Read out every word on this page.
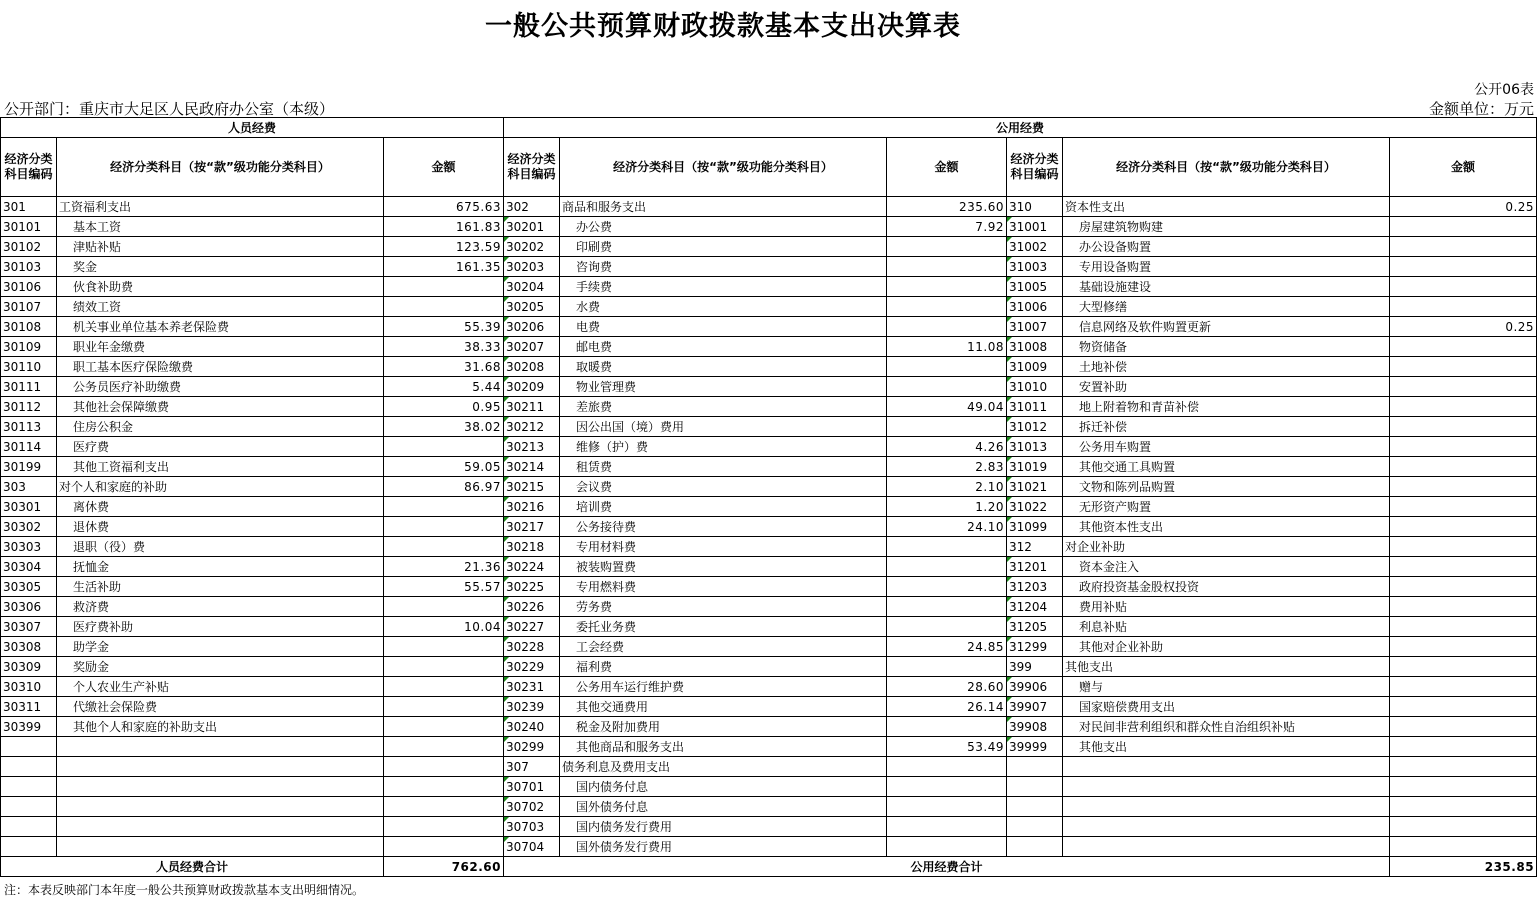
一般公共预算财政拨款基本支出决算表
公开06表
公开部门：重庆市大足区人民政府办公室（本级）	金额单位：万元
人员经费			公用经费					
经济分类科目编码	经济分类科目（按“款”级功能分类科目）	金额	经济分类科目编码	经济分类科目（按“款”级功能分类科目）	金额	经济分类科目编码	经济分类科目（按“款”级功能分类科目）	金额
301	工资福利支出	675.63	302	商品和服务支出	235.60	310	资本性支出	0.25
30101	基本工资	161.83	30201	办公费	7.92	31001	房屋建筑物购建	
30102	津贴补贴	123.59	30202	印刷费		31002	办公设备购置	
30103	奖金	161.35	30203	咨询费		31003	专用设备购置	
30106	伙食补助费		30204	手续费		31005	基础设施建设	
30107	绩效工资		30205	水费		31006	大型修缮	
30108	机关事业单位基本养老保险费	55.39	30206	电费		31007	信息网络及软件购置更新	0.25
30109	职业年金缴费	38.33	30207	邮电费	11.08	31008	物资储备	
30110	职工基本医疗保险缴费	31.68	30208	取暖费		31009	土地补偿	
30111	公务员医疗补助缴费	5.44	30209	物业管理费		31010	安置补助	
30112	其他社会保障缴费	0.95	30211	差旅费	49.04	31011	地上附着物和青苗补偿	
30113	住房公积金	38.02	30212	因公出国（境）费用		31012	拆迁补偿	
30114	医疗费		30213	维修（护）费	4.26	31013	公务用车购置	
30199	其他工资福利支出	59.05	30214	租赁费	2.83	31019	其他交通工具购置	
303	对个人和家庭的补助	86.97	30215	会议费	2.10	31021	文物和陈列品购置	
30301	离休费		30216	培训费	1.20	31022	无形资产购置	
30302	退休费		30217	公务接待费	24.10	31099	其他资本性支出	
30303	退职（役）费		30218	专用材料费		312	对企业补助	
30304	抚恤金	21.36	30224	被装购置费		31201	资本金注入	
30305	生活补助	55.57	30225	专用燃料费		31203	政府投资基金股权投资	
30306	救济费		30226	劳务费		31204	费用补贴	
30307	医疗费补助	10.04	30227	委托业务费		31205	利息补贴	
30308	助学金		30228	工会经费	24.85	31299	其他对企业补助	
30309	奖励金		30229	福利费		399	其他支出	
30310	个人农业生产补贴		30231	公务用车运行维护费	28.60	39906	赠与	
30311	代缴社会保险费		30239	其他交通费用	26.14	39907	国家赔偿费用支出	
30399	其他个人和家庭的补助支出		30240	税金及附加费用		39908	对民间非营利组织和群众性自治组织补贴	
			30299	其他商品和服务支出	53.49	39999	其他支出	
			307	债务利息及费用支出				
			30701	国内债务付息				
			30702	国外债务付息				
			30703	国内债务发行费用				
			30704	国外债务发行费用				
人员经费合计		762.60	公用经费合计					235.85
注：本表反映部门本年度一般公共预算财政拨款基本支出明细情况。
